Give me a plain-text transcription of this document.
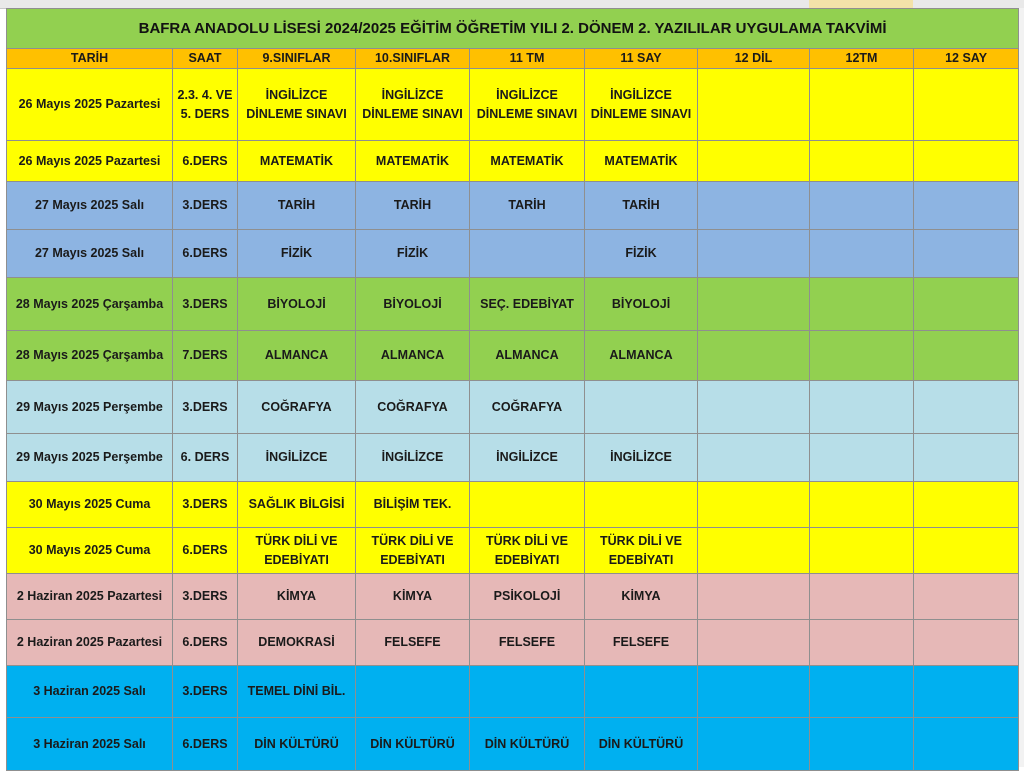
BAFRA ANADOLU LİSESİ 2024/2025 EĞİTİM ÖĞRETİM YILI 2. DÖNEM 2. YAZILILAR UYGULAMA TAKVİMİ								
TARİH	SAAT	9.SINIFLAR	10.SINIFLAR	11 TM	11 SAY	12 DİL	12TM	12 SAY
26 Mayıs 2025 Pazartesi	2.3. 4. VE 5. DERS	İNGİLİZCE DİNLEME SINAVI	İNGİLİZCE DİNLEME SINAVI	İNGİLİZCE DİNLEME SINAVI	İNGİLİZCE DİNLEME SINAVI			
26 Mayıs 2025 Pazartesi	6.DERS	MATEMATİK	MATEMATİK	MATEMATİK	MATEMATİK			
27 Mayıs 2025 Salı	3.DERS	TARİH	TARİH	TARİH	TARİH			
27 Mayıs 2025 Salı	6.DERS	FİZİK	FİZİK		FİZİK			
28 Mayıs 2025 Çarşamba	3.DERS	BİYOLOJİ	BİYOLOJİ	SEÇ. EDEBİYAT	BİYOLOJİ			
28 Mayıs 2025 Çarşamba	7.DERS	ALMANCA	ALMANCA	ALMANCA	ALMANCA			
29 Mayıs 2025 Perşembe	3.DERS	COĞRAFYA	COĞRAFYA	COĞRAFYA				
29 Mayıs 2025 Perşembe	6. DERS	İNGİLİZCE	İNGİLİZCE	İNGİLİZCE	İNGİLİZCE			
30 Mayıs 2025 Cuma	3.DERS	SAĞLIK BİLGİSİ	BİLİŞİM TEK.					
30 Mayıs 2025 Cuma	6.DERS	TÜRK DİLİ VE EDEBİYATI	TÜRK DİLİ VE EDEBİYATI	TÜRK DİLİ VE EDEBİYATI	TÜRK DİLİ VE EDEBİYATI			
2 Haziran 2025 Pazartesi	3.DERS	KİMYA	KİMYA	PSİKOLOJİ	KİMYA			
2 Haziran 2025 Pazartesi	6.DERS	DEMOKRASİ	FELSEFE	FELSEFE	FELSEFE			
3 Haziran 2025 Salı	3.DERS	TEMEL DİNİ BİL.						
3 Haziran 2025 Salı	6.DERS	DİN KÜLTÜRÜ	DİN KÜLTÜRÜ	DİN KÜLTÜRÜ	DİN KÜLTÜRÜ			
